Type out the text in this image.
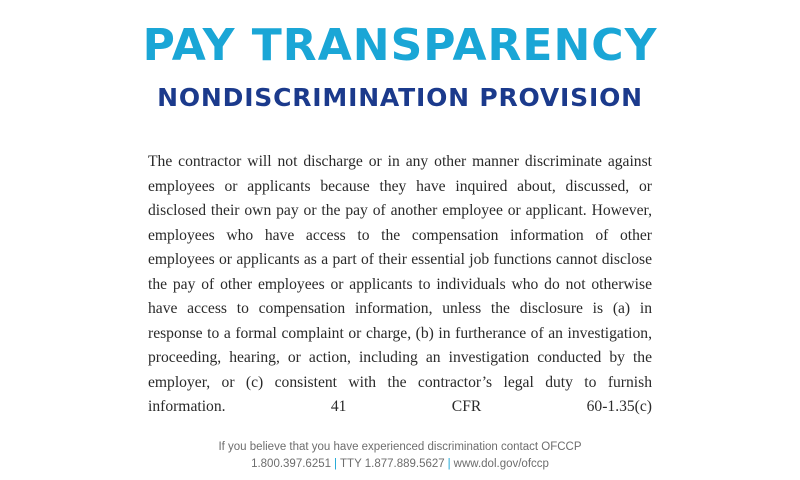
PAY TRANSPARENCY
NONDISCRIMINATION PROVISION
The contractor will not discharge or in any other manner discriminate against employees or applicants because they have inquired about, discussed, or disclosed their own pay or the pay of another employee or applicant. However, employees who have access to the compensation information of other employees or applicants as a part of their essential job functions cannot disclose the pay of other employees or applicants to individuals who do not otherwise have access to compensation information, unless the disclosure is (a) in response to a formal complaint or charge, (b) in furtherance of an investigation, proceeding, hearing, or action, including an investigation conducted by the employer, or (c) consistent with the contractor’s legal duty to furnish information. 41 CFR 60-1.35(c)
If you believe that you have experienced discrimination contact OFCCP
1.800.397.6251 | TTY 1.877.889.5627 | www.dol.gov/ofccp
